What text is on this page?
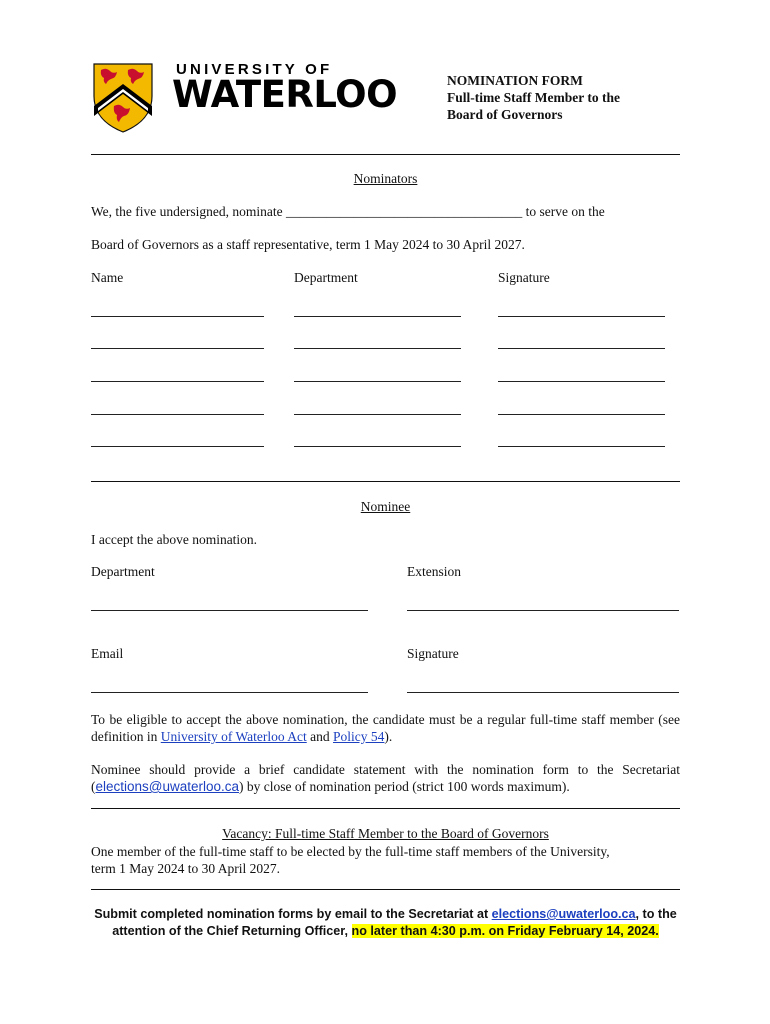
UNIVERSITY OF
WATERLOO	NOMINATION FORM
Full-time Staff Member to the
Board of Governors
Nominators
We, the five undersigned, nominate ___________________________________ to serve on the
Board of Governors as a staff representative, term 1 May 2024 to 30 April 2027.
Name	Department	Signature
Nominee
I accept the above nomination.
Department	Extension
Email	Signature
To be eligible to accept the above nomination, the candidate must be a regular full-time staff member (see definition in University of Waterloo Act and Policy 54).
Nominee should provide a brief candidate statement with the nomination form to the Secretariat (elections@uwaterloo.ca) by close of nomination period (strict 100 words maximum).
Vacancy: Full-time Staff Member to the Board of Governors
One member of the full-time staff to be elected by the full-time staff members of the University,
term 1 May 2024 to 30 April 2027.
Submit completed nomination forms by email to the Secretariat at elections@uwaterloo.ca, to the attention of the Chief Returning Officer, no later than 4:30 p.m. on Friday February 14, 2024.
